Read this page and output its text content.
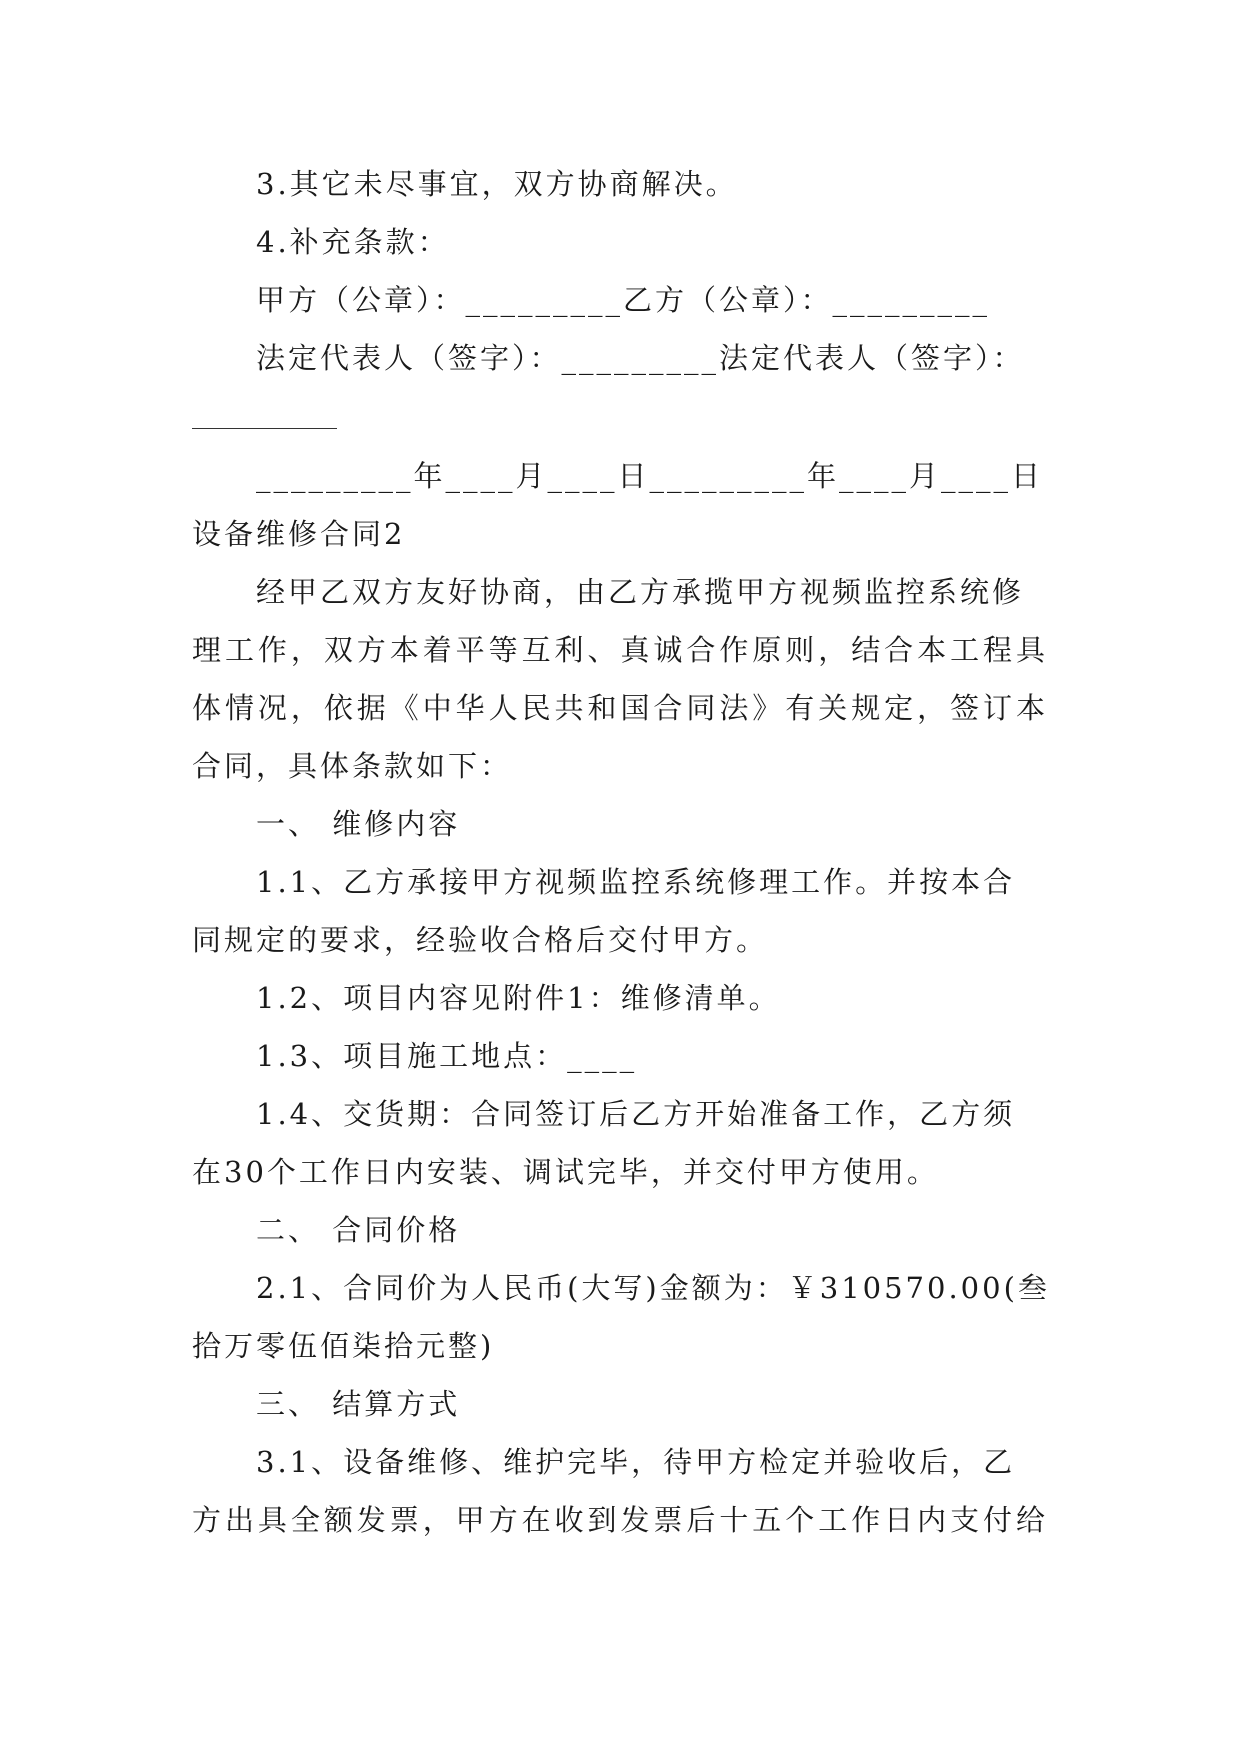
3.其它未尽事宜，双方协商解决。
4.补充条款：
甲方（公章）：_________乙方（公章）：_________
法定代表人（签字）：_________法定代表人（签字）：
_________年____月____日_________年____月____日
设备维修合同2
经甲乙双方友好协商，由乙方承揽甲方视频监控系统修
理工作，双方本着平等互利、真诚合作原则，结合本工程具
体情况，依据《中华人民共和国合同法》有关规定，签订本
合同，具体条款如下：
一、 维修内容
1.1、乙方承接甲方视频监控系统修理工作。并按本合
同规定的要求，经验收合格后交付甲方。
1.2、项目内容见附件1：维修清单。
1.3、项目施工地点：____
1.4、交货期：合同签订后乙方开始准备工作，乙方须
在30个工作日内安装、调试完毕，并交付甲方使用。
二、 合同价格
2.1、合同价为人民币(大写)金额为：￥310570.00(叁
拾万零伍佰柒拾元整)
三、 结算方式
3.1、设备维修、维护完毕，待甲方检定并验收后，乙
方出具全额发票，甲方在收到发票后十五个工作日内支付给
